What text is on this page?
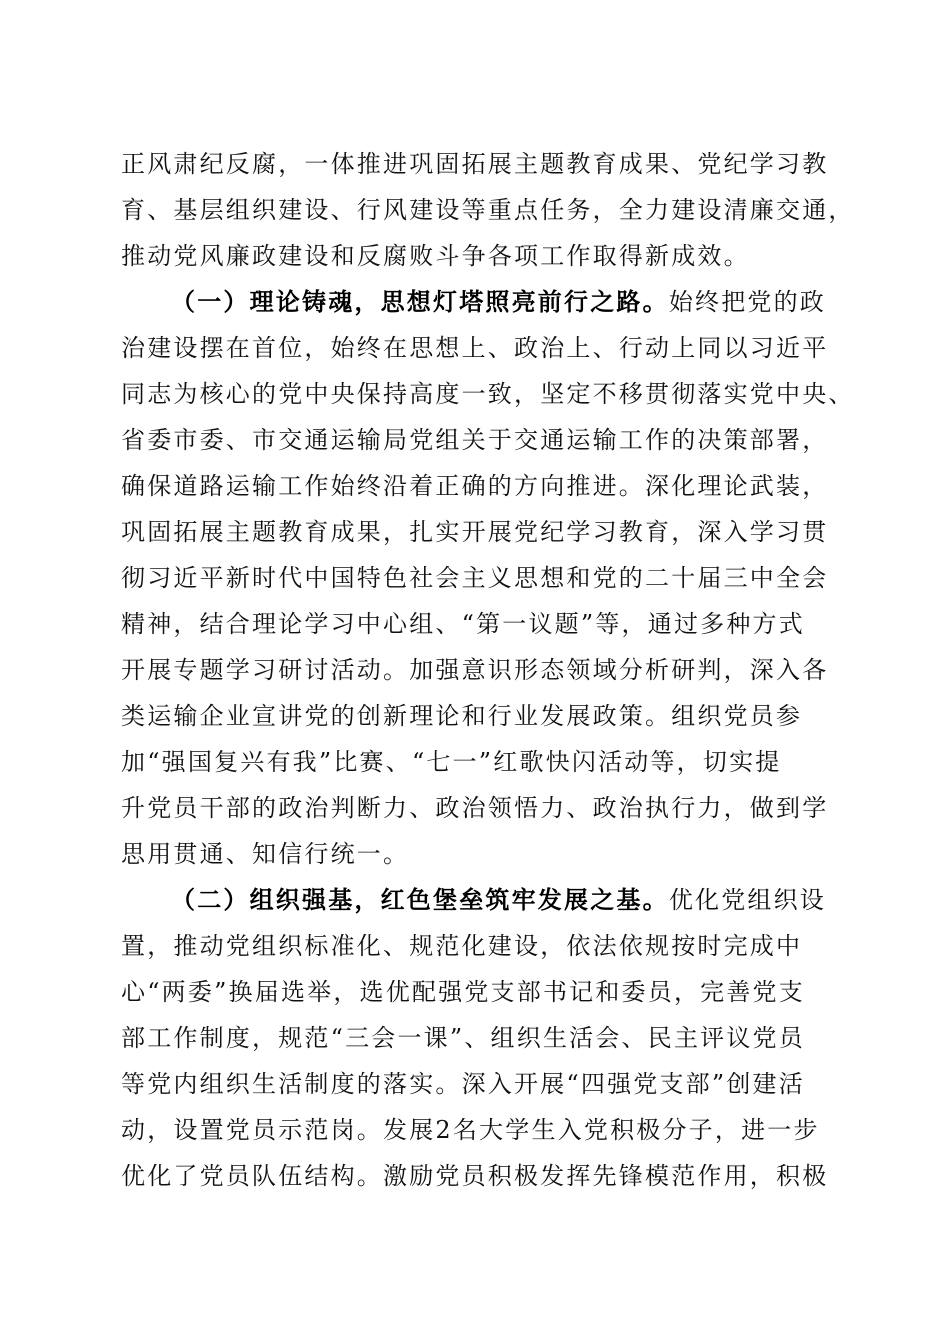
正风肃纪反腐，一体推进巩固拓展主题教育成果、党纪学习教
育、基层组织建设、行风建设等重点任务，全力建设清廉交通，
推动党风廉政建设和反腐败斗争各项工作取得新成效。
（一）理论铸魂，思想灯塔照亮前行之路。始终把党的政
治建设摆在首位，始终在思想上、政治上、行动上同以习近平
同志为核心的党中央保持高度一致，坚定不移贯彻落实党中央、
省委市委、市交通运输局党组关于交通运输工作的决策部署，
确保道路运输工作始终沿着正确的方向推进。深化理论武装，
巩固拓展主题教育成果，扎实开展党纪学习教育，深入学习贯
彻习近平新时代中国特色社会主义思想和党的二十届三中全会
精神，结合理论学习中心组、“第一议题”等，通过多种方式
开展专题学习研讨活动。加强意识形态领域分析研判，深入各
类运输企业宣讲党的创新理论和行业发展政策。组织党员参
加“强国复兴有我”比赛、“七一”红歌快闪活动等，切实提
升党员干部的政治判断力、政治领悟力、政治执行力，做到学
思用贯通、知信行统一。
（二）组织强基，红色堡垒筑牢发展之基。优化党组织设
置，推动党组织标准化、规范化建设，依法依规按时完成中
心“两委”换届选举，选优配强党支部书记和委员，完善党支
部工作制度，规范“三会一课”、组织生活会、民主评议党员
等党内组织生活制度的落实。深入开展“四强党支部”创建活
动，设置党员示范岗。发展2名大学生入党积极分子，进一步
优化了党员队伍结构。激励党员积极发挥先锋模范作用，积极
